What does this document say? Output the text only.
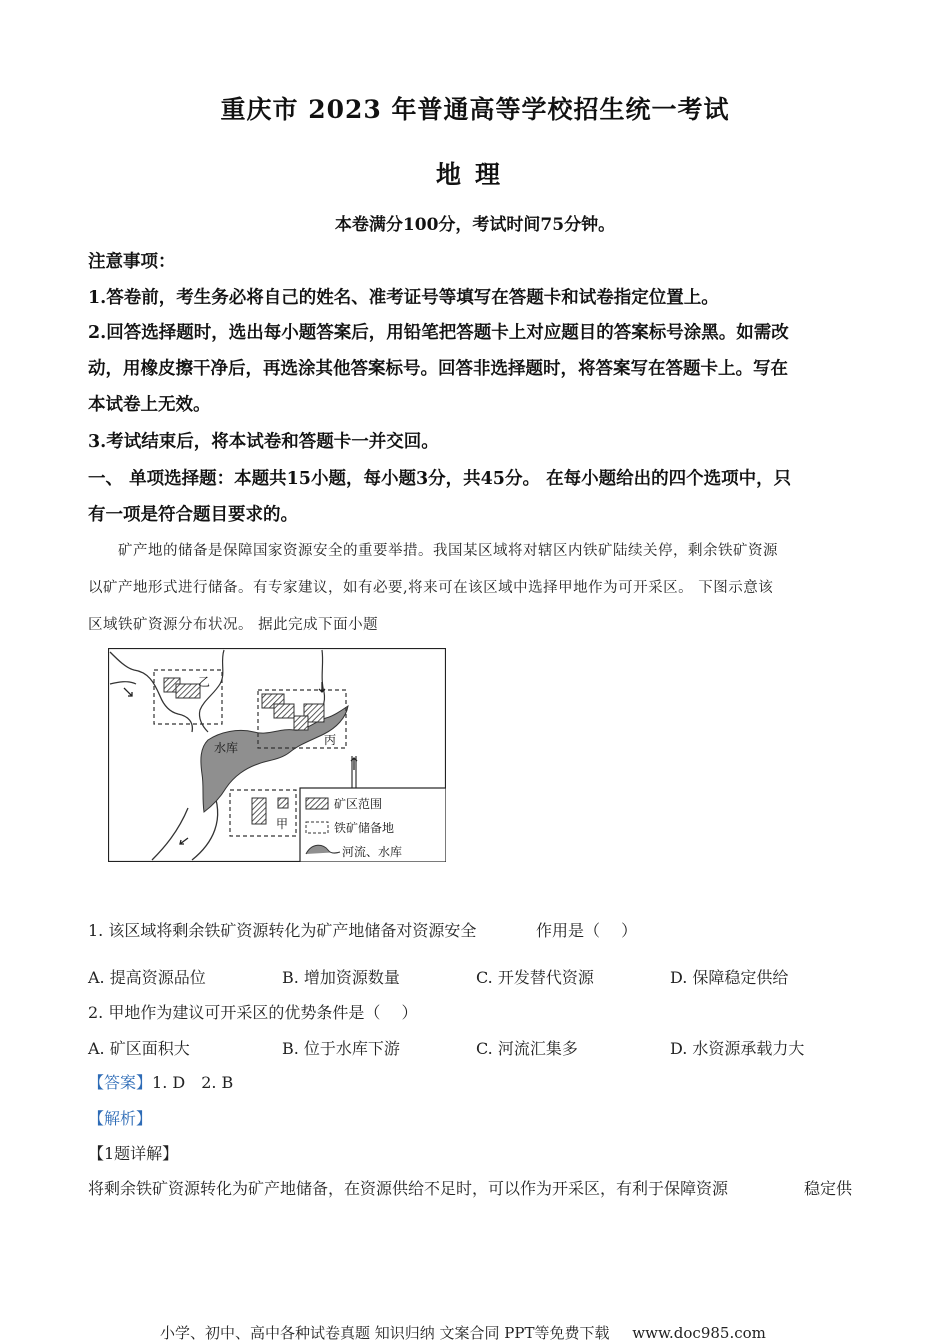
重庆市 2023 年普通高等学校招生统一考试
地理
本卷满分100分，考试时间75分钟。
注意事项：
1.答卷前，考生务必将自己的姓名、准考证号等填写在答题卡和试卷指定位置上。
2.回答选择题时，选出每小题答案后，用铅笔把答题卡上对应题目的答案标号涂黑。如需改
动，用橡皮擦干净后，再选涂其他答案标号。回答非选择题时，将答案写在答题卡上。写在
本试卷上无效。
3.考试结束后，将本试卷和答题卡一并交回。
一、 单项选择题：本题共15小题，每小题3分，共45分。 在每小题给出的四个选项中，只
有一项是符合题目要求的。
矿产地的储备是保障国家资源安全的重要举措。我国某区域将对辖区内铁矿陆续关停，剩余铁矿资源
以矿产地形式进行储备。有专家建议，如有必要,将来可在该区域中选择甲地作为可开采区。 下图示意该
区域铁矿资源分布状况。 据此完成下面小题
水库
乙
丙
甲
矿区范围
铁矿储备地
河流、水库
1. 该区域将剩余铁矿资源转化为矿产地储备对资源安全	作用是（　 ）
A. 提高资源品位	B. 增加资源数量	C. 开发替代资源	D. 保障稳定供给
2. 甲地作为建议可开采区的优势条件是（　 ）
A. 矿区面积大	B. 位于水库下游	C. 河流汇集多	D. 水资源承载力大
【答案】1. D　2. B
【解析】
【1题详解】
将剩余铁矿资源转化为矿产地储备，在资源供给不足时，可以作为开采区，有利于保障资源	稳定供
小学、初中、高中各种试卷真题 知识归纳 文案合同 PPT等免费下载 www.doc985.com
